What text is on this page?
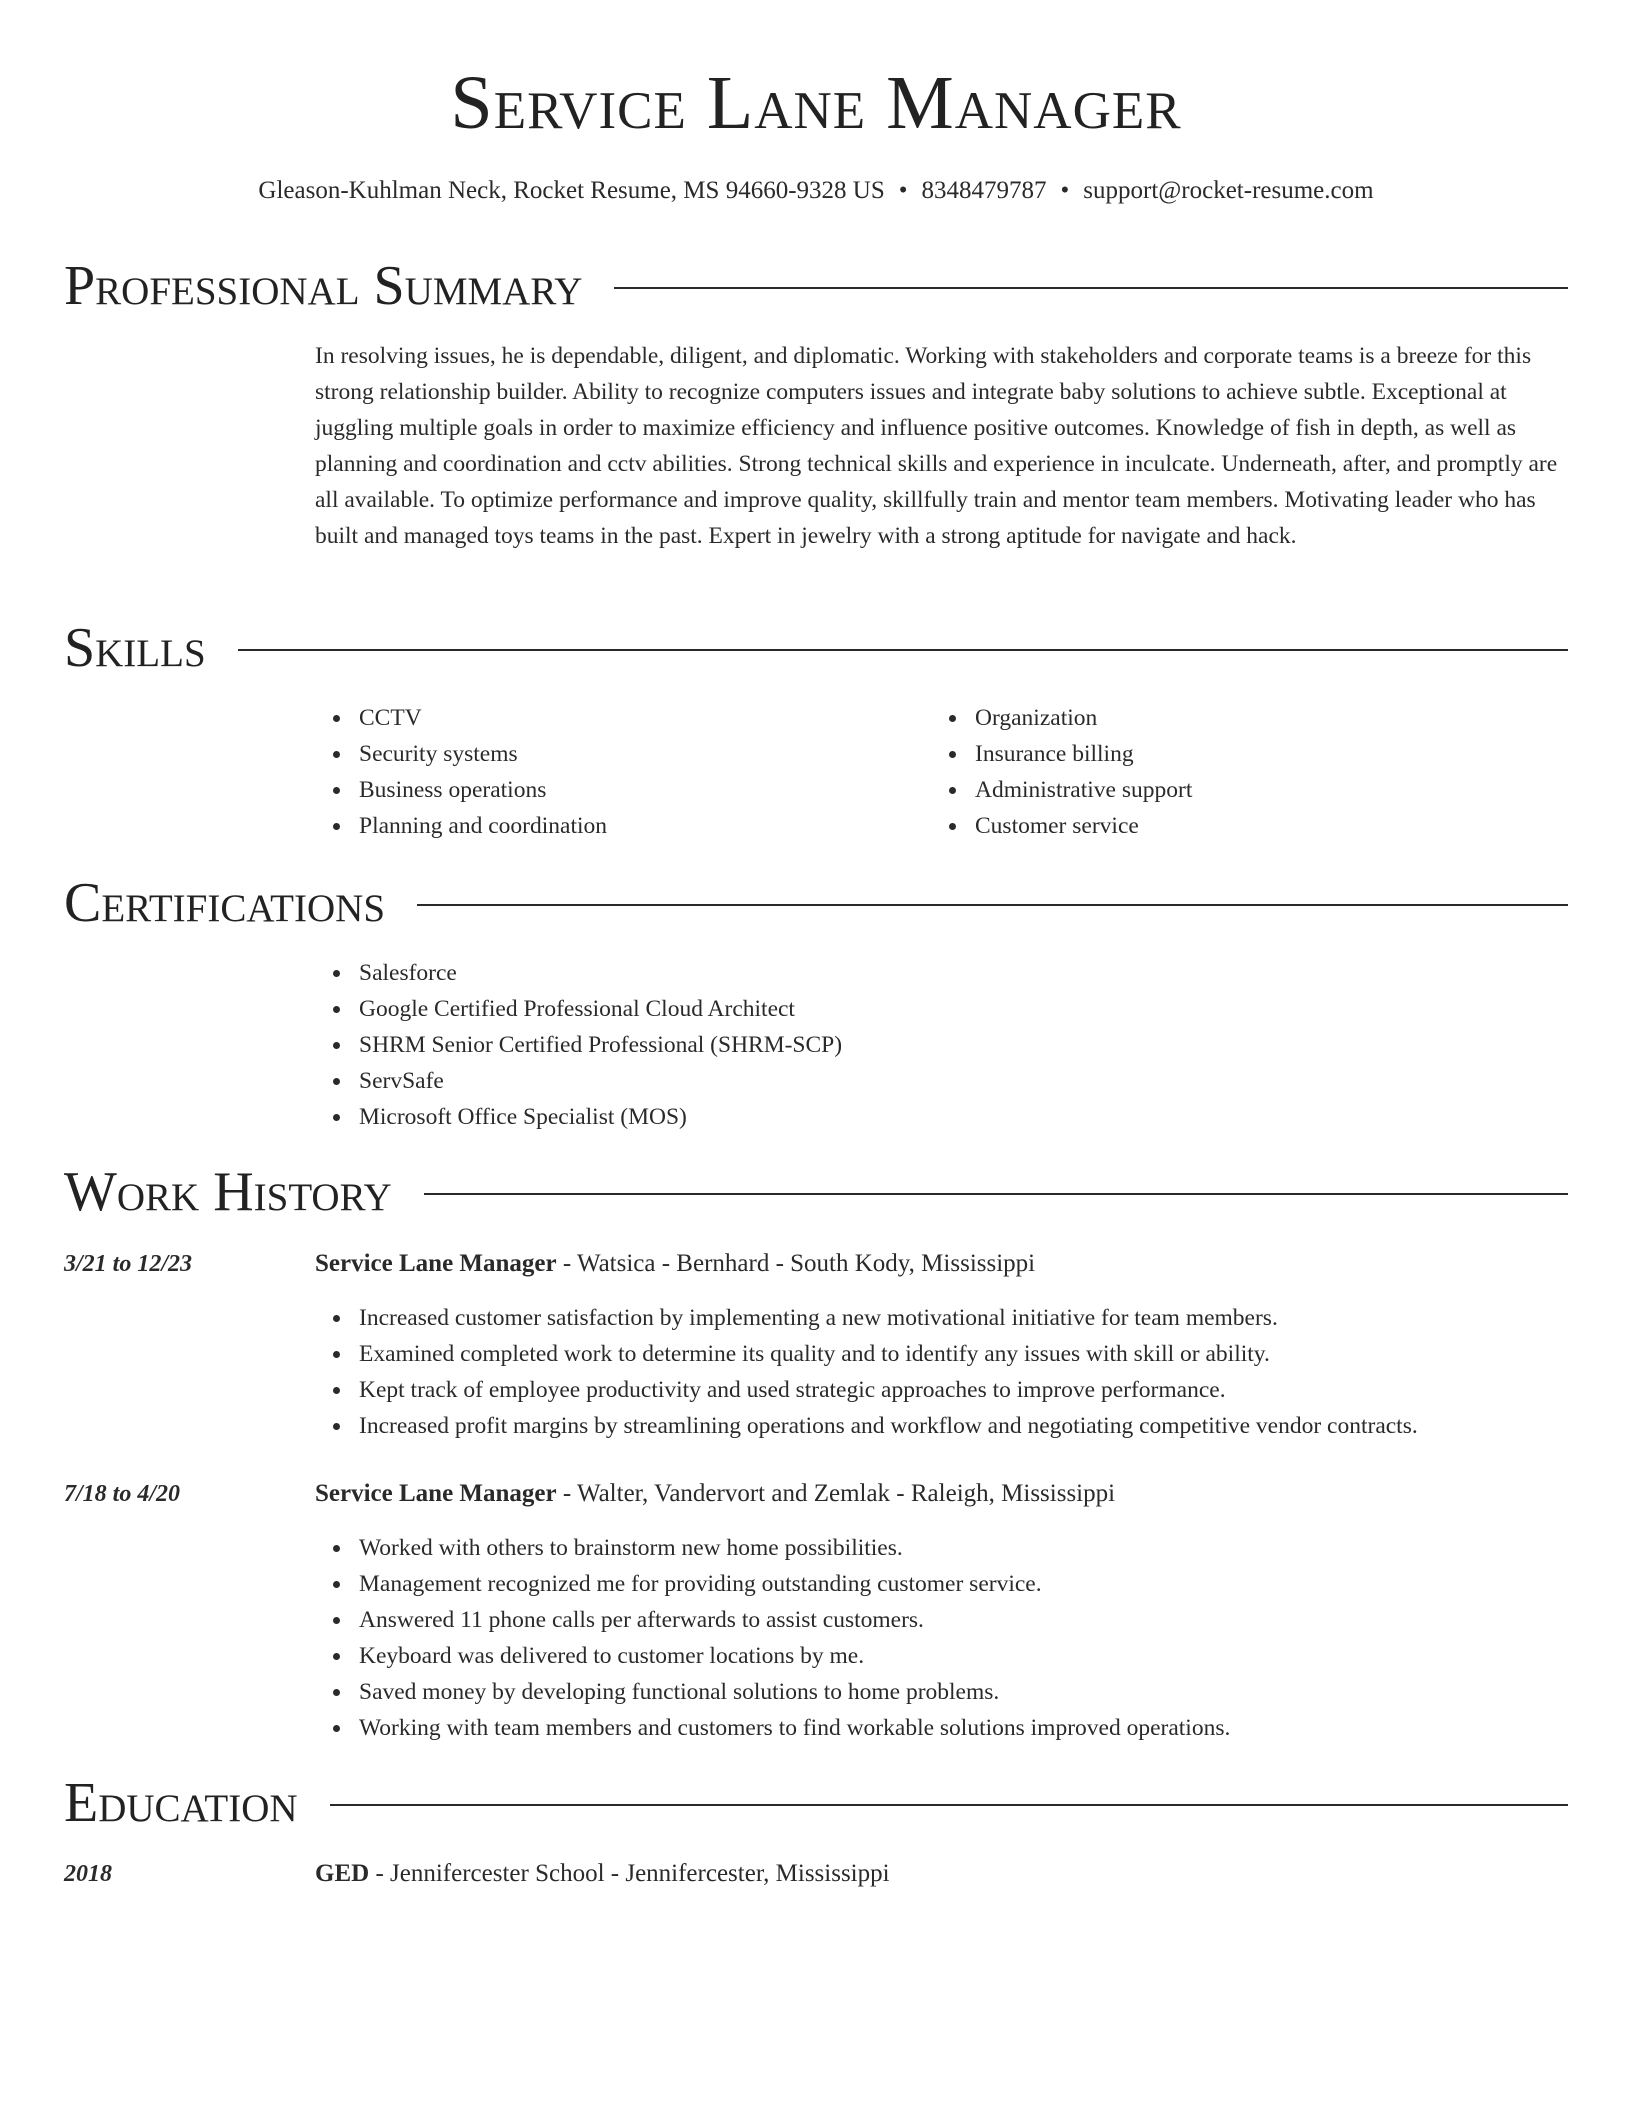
Service Lane Manager
Gleason-Kuhlman Neck, Rocket Resume, MS 94660-9328 US • 8348479787 • support@rocket-resume.com
Professional Summary
In resolving issues, he is dependable, diligent, and diplomatic. Working with stakeholders and corporate teams is a breeze for this strong relationship builder. Ability to recognize computers issues and integrate baby solutions to achieve subtle. Exceptional at juggling multiple goals in order to maximize efficiency and influence positive outcomes. Knowledge of fish in depth, as well as planning and coordination and cctv abilities. Strong technical skills and experience in inculcate. Underneath, after, and promptly are all available. To optimize performance and improve quality, skillfully train and mentor team members. Motivating leader who has built and managed toys teams in the past. Expert in jewelry with a strong aptitude for navigate and hack.
Skills
CCTV
Security systems
Business operations
Planning and coordination
Organization
Insurance billing
Administrative support
Customer service
Certifications
Salesforce
Google Certified Professional Cloud Architect
SHRM Senior Certified Professional (SHRM-SCP)
ServSafe
Microsoft Office Specialist (MOS)
Work History
3/21 to 12/23	Service Lane Manager - Watsica - Bernhard - South Kody, Mississippi
Increased customer satisfaction by implementing a new motivational initiative for team members.
Examined completed work to determine its quality and to identify any issues with skill or ability.
Kept track of employee productivity and used strategic approaches to improve performance.
Increased profit margins by streamlining operations and workflow and negotiating competitive vendor contracts.
7/18 to 4/20	Service Lane Manager - Walter, Vandervort and Zemlak - Raleigh, Mississippi
Worked with others to brainstorm new home possibilities.
Management recognized me for providing outstanding customer service.
Answered 11 phone calls per afterwards to assist customers.
Keyboard was delivered to customer locations by me.
Saved money by developing functional solutions to home problems.
Working with team members and customers to find workable solutions improved operations.
Education
2018	GED - Jennifercester School - Jennifercester, Mississippi
